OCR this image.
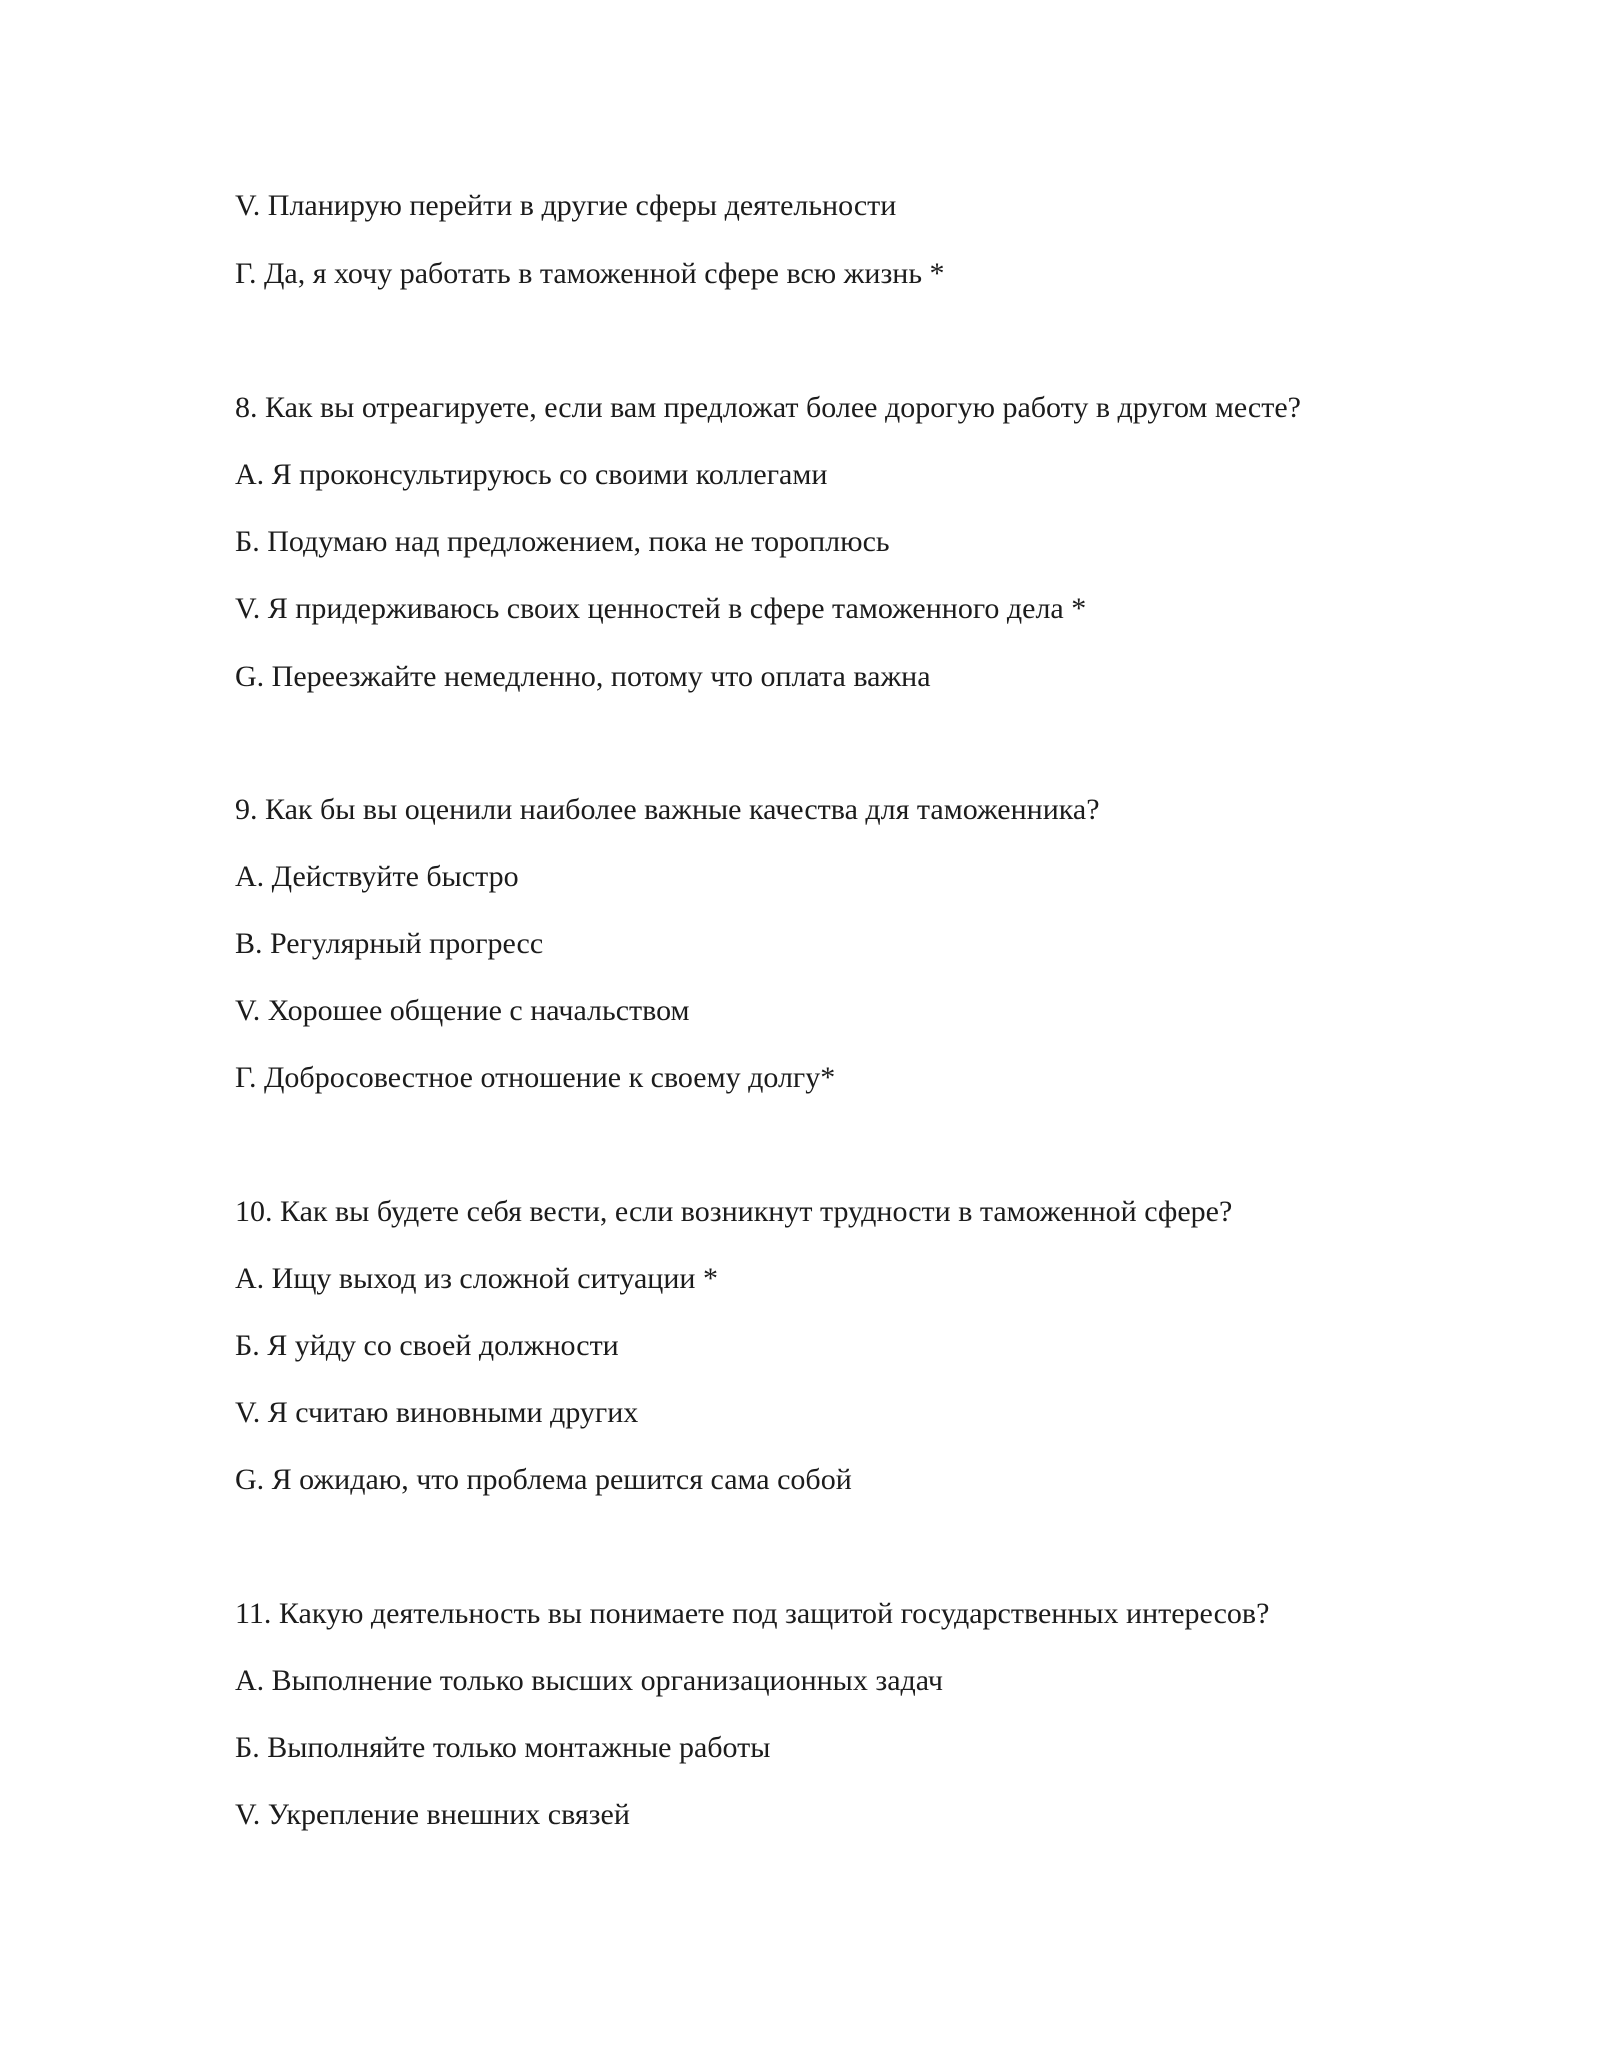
V. Планирую перейти в другие сферы деятельности
Г. Да, я хочу работать в таможенной сфере всю жизнь *
8. Как вы отреагируете, если вам предложат более дорогую работу в другом месте?
А. Я проконсультируюсь со своими коллегами
Б. Подумаю над предложением, пока не тороплюсь
V. Я придерживаюсь своих ценностей в сфере таможенного дела *
G. Переезжайте немедленно, потому что оплата важна
9. Как бы вы оценили наиболее важные качества для таможенника?
А. Действуйте быстро
В. Регулярный прогресс
V. Хорошее общение с начальством
Г. Добросовестное отношение к своему долгу*
10. Как вы будете себя вести, если возникнут трудности в таможенной сфере?
А. Ищу выход из сложной ситуации *
Б. Я уйду со своей должности
V. Я считаю виновными других
G. Я ожидаю, что проблема решится сама собой
11. Какую деятельность вы понимаете под защитой государственных интересов?
А. Выполнение только высших организационных задач
Б. Выполняйте только монтажные работы
V. Укрепление внешних связей
